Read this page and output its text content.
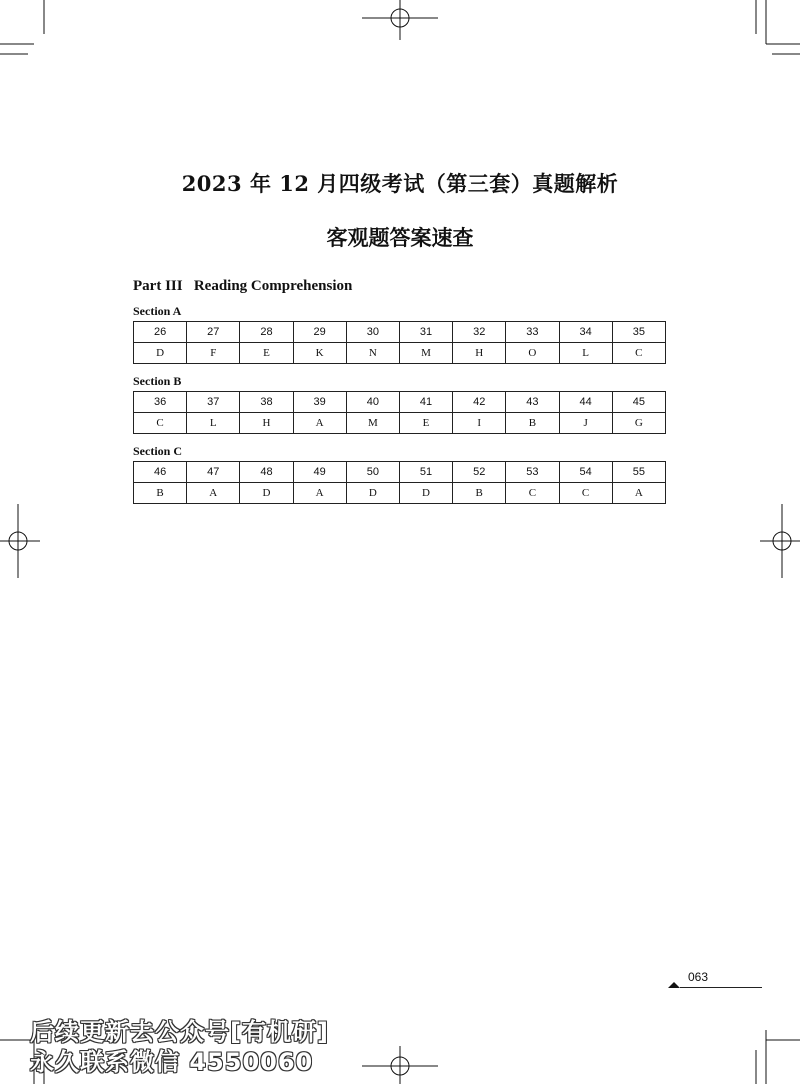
2023 年 12 月四级考试（第三套）真题解析
客观题答案速查
Part III   Reading Comprehension
Section A
26	27	28	29	30	31	32	33	34	35
D	F	E	K	N	M	H	O	L	C
Section B
36	37	38	39	40	41	42	43	44	45
C	L	H	A	M	E	I	B	J	G
Section C
46	47	48	49	50	51	52	53	54	55
B	A	D	A	D	D	B	C	C	A
063
后续更新去公众号[有机研]
永久联系微信 4550060
